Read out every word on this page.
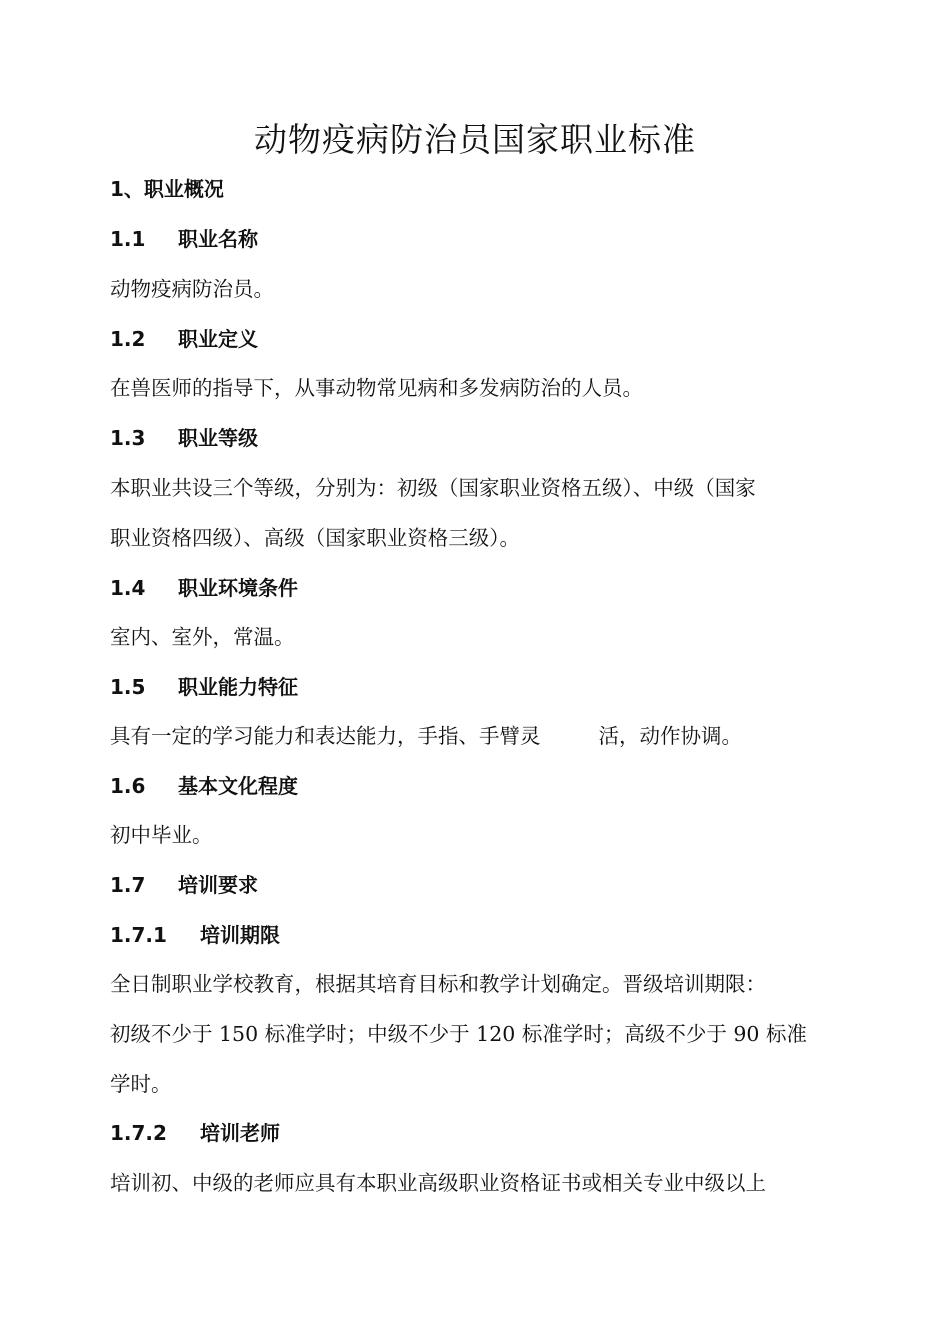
动物疫病防治员国家职业标准
1、职业概况
1.1 职业名称
动物疫病防治员。
1.2 职业定义
在兽医师的指导下，从事动物常见病和多发病防治的人员。
1.3 职业等级
本职业共设三个等级，分别为：初级（国家职业资格五级）、中级（国家
职业资格四级）、高级（国家职业资格三级）。
1.4 职业环境条件
室内、室外，常温。
1.5 职业能力特征
具有一定的学习能力和表达能力，手指、手臂灵	活，动作协调。
1.6 基本文化程度
初中毕业。
1.7 培训要求
1.7.1 培训期限
全日制职业学校教育，根据其培育目标和教学计划确定。晋级培训期限：
初级不少于 150 标准学时；中级不少于 120 标准学时；高级不少于 90 标准
学时。
1.7.2 培训老师
培训初、中级的老师应具有本职业高级职业资格证书或相关专业中级以上
